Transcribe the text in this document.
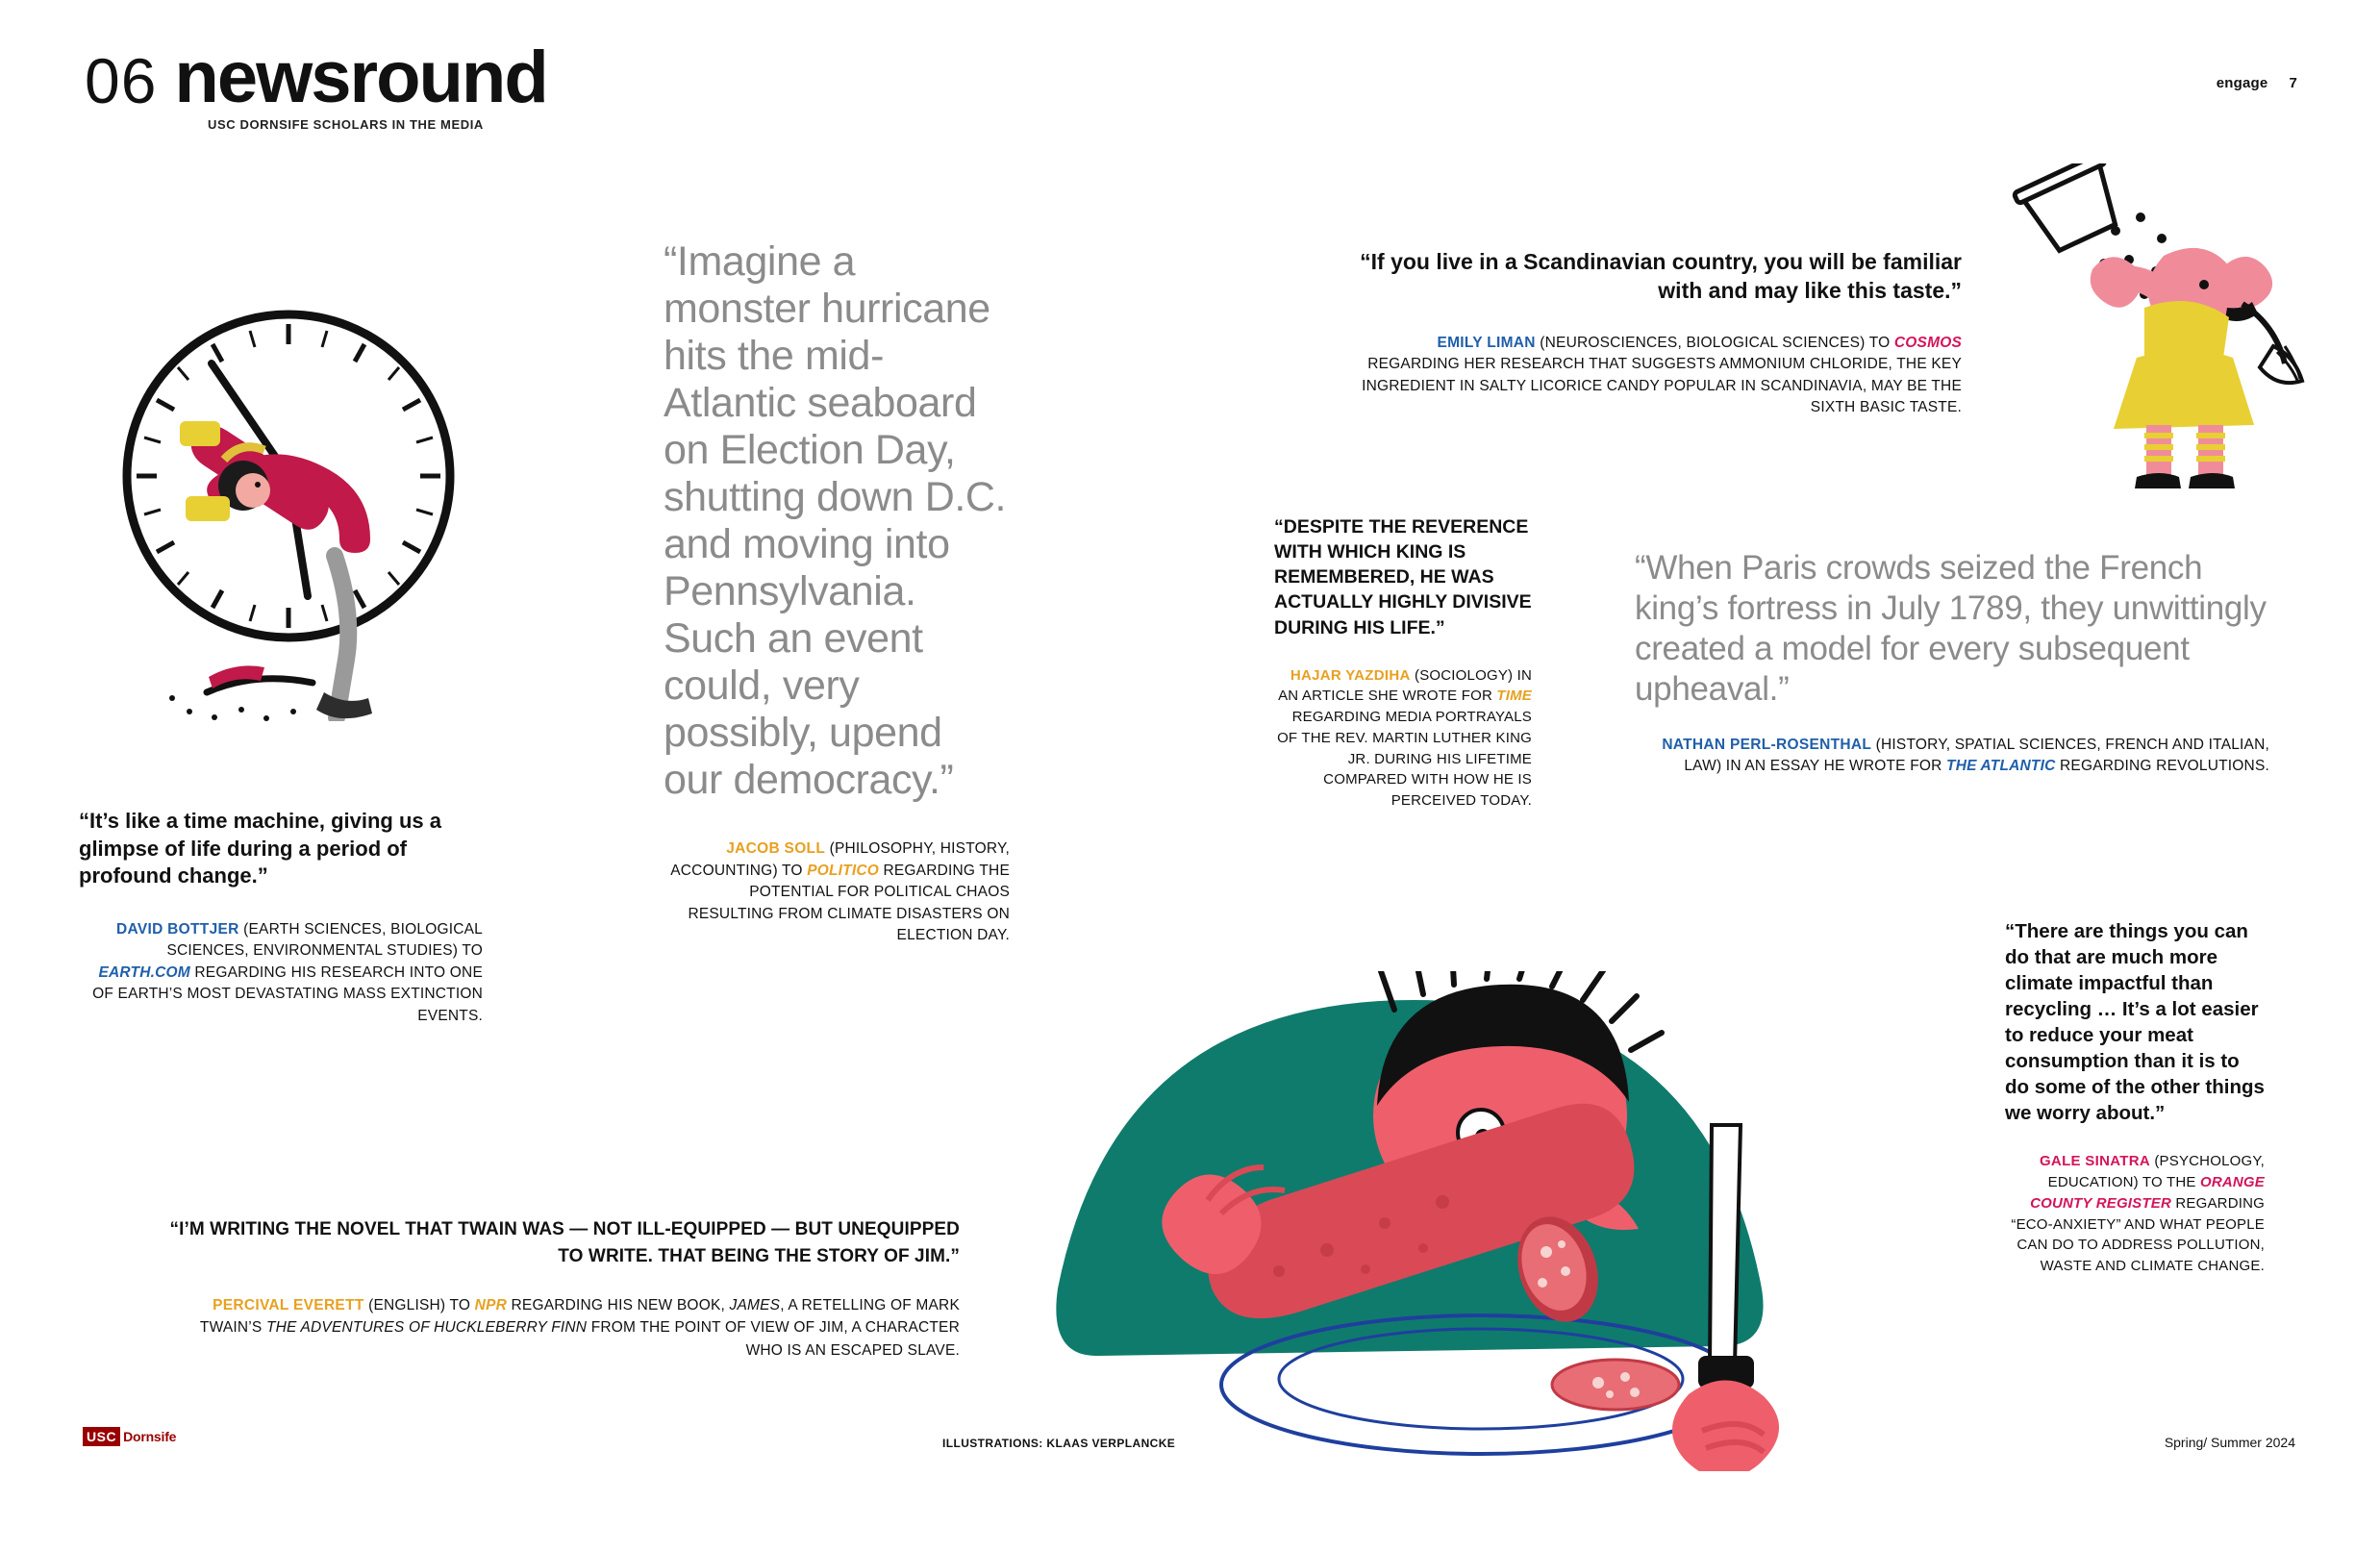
06 newsround
USC DORNSIFE SCHOLARS IN THE MEDIA
engage 7
“It’s like a time machine, giving us a glimpse of life during a period of profound change.”
DAVID BOTTJER (EARTH SCIENCES, BIOLOGICAL SCIENCES, ENVIRONMENTAL STUDIES) TO EARTH.COM REGARDING HIS RESEARCH INTO ONE OF EARTH’S MOST DEVASTATING MASS EXTINCTION EVENTS.
“Imagine a monster hurricane hits the mid-Atlantic seaboard on Election Day, shutting down D.C. and moving into Pennsylvania. Such an event could, very possibly, upend our democracy.”
JACOB SOLL (PHILOSOPHY, HISTORY, ACCOUNTING) TO POLITICO REGARDING THE POTENTIAL FOR POLITICAL CHAOS RESULTING FROM CLIMATE DISASTERS ON ELECTION DAY.
“If you live in a Scandinavian country, you will be familiar with and may like this taste.”
EMILY LIMAN (NEUROSCIENCES, BIOLOGICAL SCIENCES) TO COSMOS REGARDING HER RESEARCH THAT SUGGESTS AMMONIUM CHLORIDE, THE KEY INGREDIENT IN SALTY LICORICE CANDY POPULAR IN SCANDINAVIA, MAY BE THE SIXTH BASIC TASTE.
“DESPITE THE REVERENCE WITH WHICH KING IS REMEMBERED, HE WAS ACTUALLY HIGHLY DIVISIVE DURING HIS LIFE.”
HAJAR YAZDIHA (SOCIOLOGY) IN AN ARTICLE SHE WROTE FOR TIME REGARDING MEDIA PORTRAYALS OF THE REV. MARTIN LUTHER KING JR. DURING HIS LIFETIME COMPARED WITH HOW HE IS PERCEIVED TODAY.
“When Paris crowds seized the French king’s fortress in July 1789, they unwittingly created a model for every subsequent upheaval.”
NATHAN PERL-ROSENTHAL (HISTORY, SPATIAL SCIENCES, FRENCH AND ITALIAN, LAW) IN AN ESSAY HE WROTE FOR THE ATLANTIC REGARDING REVOLUTIONS.
“There are things you can do that are much more climate impactful than recycling … It’s a lot easier to reduce your meat consumption than it is to do some of the other things we worry about.”
GALE SINATRA (PSYCHOLOGY, EDUCATION) TO THE ORANGE COUNTY REGISTER REGARDING “ECO-ANXIETY” AND WHAT PEOPLE CAN DO TO ADDRESS POLLUTION, WASTE AND CLIMATE CHANGE.
“I’M WRITING THE NOVEL THAT TWAIN WAS — NOT ILL-EQUIPPED — BUT UNEQUIPPED TO WRITE. THAT BEING THE STORY OF JIM.”
PERCIVAL EVERETT (ENGLISH) TO NPR REGARDING HIS NEW BOOK, JAMES, A RETELLING OF MARK TWAIN’S THE ADVENTURES OF HUCKLEBERRY FINN FROM THE POINT OF VIEW OF JIM, A CHARACTER WHO IS AN ESCAPED SLAVE.
USC Dornsife	ILLUSTRATIONS: KLAAS VERPLANCKE	Spring/ Summer 2024
